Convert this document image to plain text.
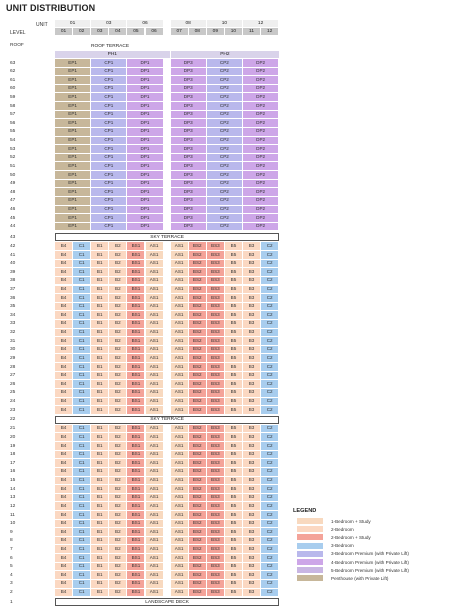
UNIT DISTRIBUTION
UNIT
LEVEL
01	03	06	08	10	12
01	02	03	04	05	06	07	08	09	10	11	12
ROOF	ROOF TERRACE
PH1	PH2
63	EP1	CP1	DP1	DP3	CP2	DP2
62	EP1	CP1	DP1	DP3	CP2	DP2
61	EP1	CP1	DP1	DP3	CP2	DP2
60	EP1	CP1	DP1	DP3	CP2	DP2
59	EP1	CP1	DP1	DP3	CP2	DP2
58	EP1	CP1	DP1	DP3	CP2	DP2
57	EP1	CP1	DP1	DP3	CP2	DP2
56	EP1	CP1	DP1	DP3	CP2	DP2
55	EP1	CP1	DP1	DP3	CP2	DP2
54	EP1	CP1	DP1	DP3	CP2	DP2
53	EP1	CP1	DP1	DP3	CP2	DP2
52	EP1	CP1	DP1	DP3	CP2	DP2
51	EP1	CP1	DP1	DP3	CP2	DP2
50	EP1	CP1	DP1	DP3	CP2	DP2
49	EP1	CP1	DP1	DP3	CP2	DP2
48	EP1	CP1	DP1	DP3	CP2	DP2
47	EP1	CP1	DP1	DP3	CP2	DP2
46	EP1	CP1	DP1	DP3	CP2	DP2
45	EP1	CP1	DP1	DP3	CP2	DP2
44	EP1	CP1	DP1	DP3	CP2	DP2
43	SKY TERRACE
42	B4	C1	B1	B2	BS1	AS1	AS1	BS2	BS3	B5	B3	C2
41	B4	C1	B1	B2	BS1	AS1	AS1	BS2	BS3	B5	B3	C2
40	B4	C1	B1	B2	BS1	AS1	AS1	BS2	BS3	B5	B3	C2
39	B4	C1	B1	B2	BS1	AS1	AS1	BS2	BS3	B5	B3	C2
38	B4	C1	B1	B2	BS1	AS1	AS1	BS2	BS3	B5	B3	C2
37	B4	C1	B1	B2	BS1	AS1	AS1	BS2	BS3	B5	B3	C2
36	B4	C1	B1	B2	BS1	AS1	AS1	BS2	BS3	B5	B3	C2
35	B4	C1	B1	B2	BS1	AS1	AS1	BS2	BS3	B5	B3	C2
34	B4	C1	B1	B2	BS1	AS1	AS1	BS2	BS3	B5	B3	C2
33	B4	C1	B1	B2	BS1	AS1	AS1	BS2	BS3	B5	B3	C2
32	B4	C1	B1	B2	BS1	AS1	AS1	BS2	BS3	B5	B3	C2
31	B4	C1	B1	B2	BS1	AS1	AS1	BS2	BS3	B5	B3	C2
30	B4	C1	B1	B2	BS1	AS1	AS1	BS2	BS3	B5	B3	C2
29	B4	C1	B1	B2	BS1	AS1	AS1	BS2	BS3	B5	B3	C2
28	B4	C1	B1	B2	BS1	AS1	AS1	BS2	BS3	B5	B3	C2
27	B4	C1	B1	B2	BS1	AS1	AS1	BS2	BS3	B5	B3	C2
26	B4	C1	B1	B2	BS1	AS1	AS1	BS2	BS3	B5	B3	C2
25	B4	C1	B1	B2	BS1	AS1	AS1	BS2	BS3	B5	B3	C2
24	B4	C1	B1	B2	BS1	AS1	AS1	BS2	BS3	B5	B3	C2
23	B4	C1	B1	B2	BS1	AS1	AS1	BS2	BS3	B5	B3	C2
22	SKY TERRACE
21	B4	C1	B1	B2	BS1	AS1	AS1	BS2	BS3	B5	B3	C2
20	B4	C1	B1	B2	BS1	AS1	AS1	BS2	BS3	B5	B3	C2
19	B4	C1	B1	B2	BS1	AS1	AS1	BS2	BS3	B5	B3	C2
18	B4	C1	B1	B2	BS1	AS1	AS1	BS2	BS3	B5	B3	C2
17	B4	C1	B1	B2	BS1	AS1	AS1	BS2	BS3	B5	B3	C2
16	B4	C1	B1	B2	BS1	AS1	AS1	BS2	BS3	B5	B3	C2
15	B4	C1	B1	B2	BS1	AS1	AS1	BS2	BS3	B5	B3	C2
14	B4	C1	B1	B2	BS1	AS1	AS1	BS2	BS3	B5	B3	C2
13	B4	C1	B1	B2	BS1	AS1	AS1	BS2	BS3	B5	B3	C2
12	B4	C1	B1	B2	BS1	AS1	AS1	BS2	BS3	B5	B3	C2
11	B4	C1	B1	B2	BS1	AS1	AS1	BS2	BS3	B5	B3	C2
10	B4	C1	B1	B2	BS1	AS1	AS1	BS2	BS3	B5	B3	C2
9	B4	C1	B1	B2	BS1	AS1	AS1	BS2	BS3	B5	B3	C2
8	B4	C1	B1	B2	BS1	AS1	AS1	BS2	BS3	B5	B3	C2
7	B4	C1	B1	B2	BS1	AS1	AS1	BS2	BS3	B5	B3	C2
6	B4	C1	B1	B2	BS1	AS1	AS1	BS2	BS3	B5	B3	C2
5	B4	C1	B1	B2	BS1	AS1	AS1	BS2	BS3	B5	B3	C2
4	B4	C1	B1	B2	BS1	AS1	AS1	BS2	BS3	B5	B3	C2
3	B4	C1	B1	B2	BS1	AS1	AS1	BS2	BS3	B5	B3	C2
2	B4	C1	B1	B2	BS1	AS1	AS1	BS2	BS3	B5	B3	C2
1	LANDSCAPE DECK
LEGEND
1-Bedroom + Study
2-Bedroom
2-Bedroom + Study
3-Bedroom
3-Bedroom Premium (with Private Lift)
4-Bedroom Premium (with Private Lift)
5-Bedroom Premium (with Private Lift)
Penthouse (with Private Lift)
